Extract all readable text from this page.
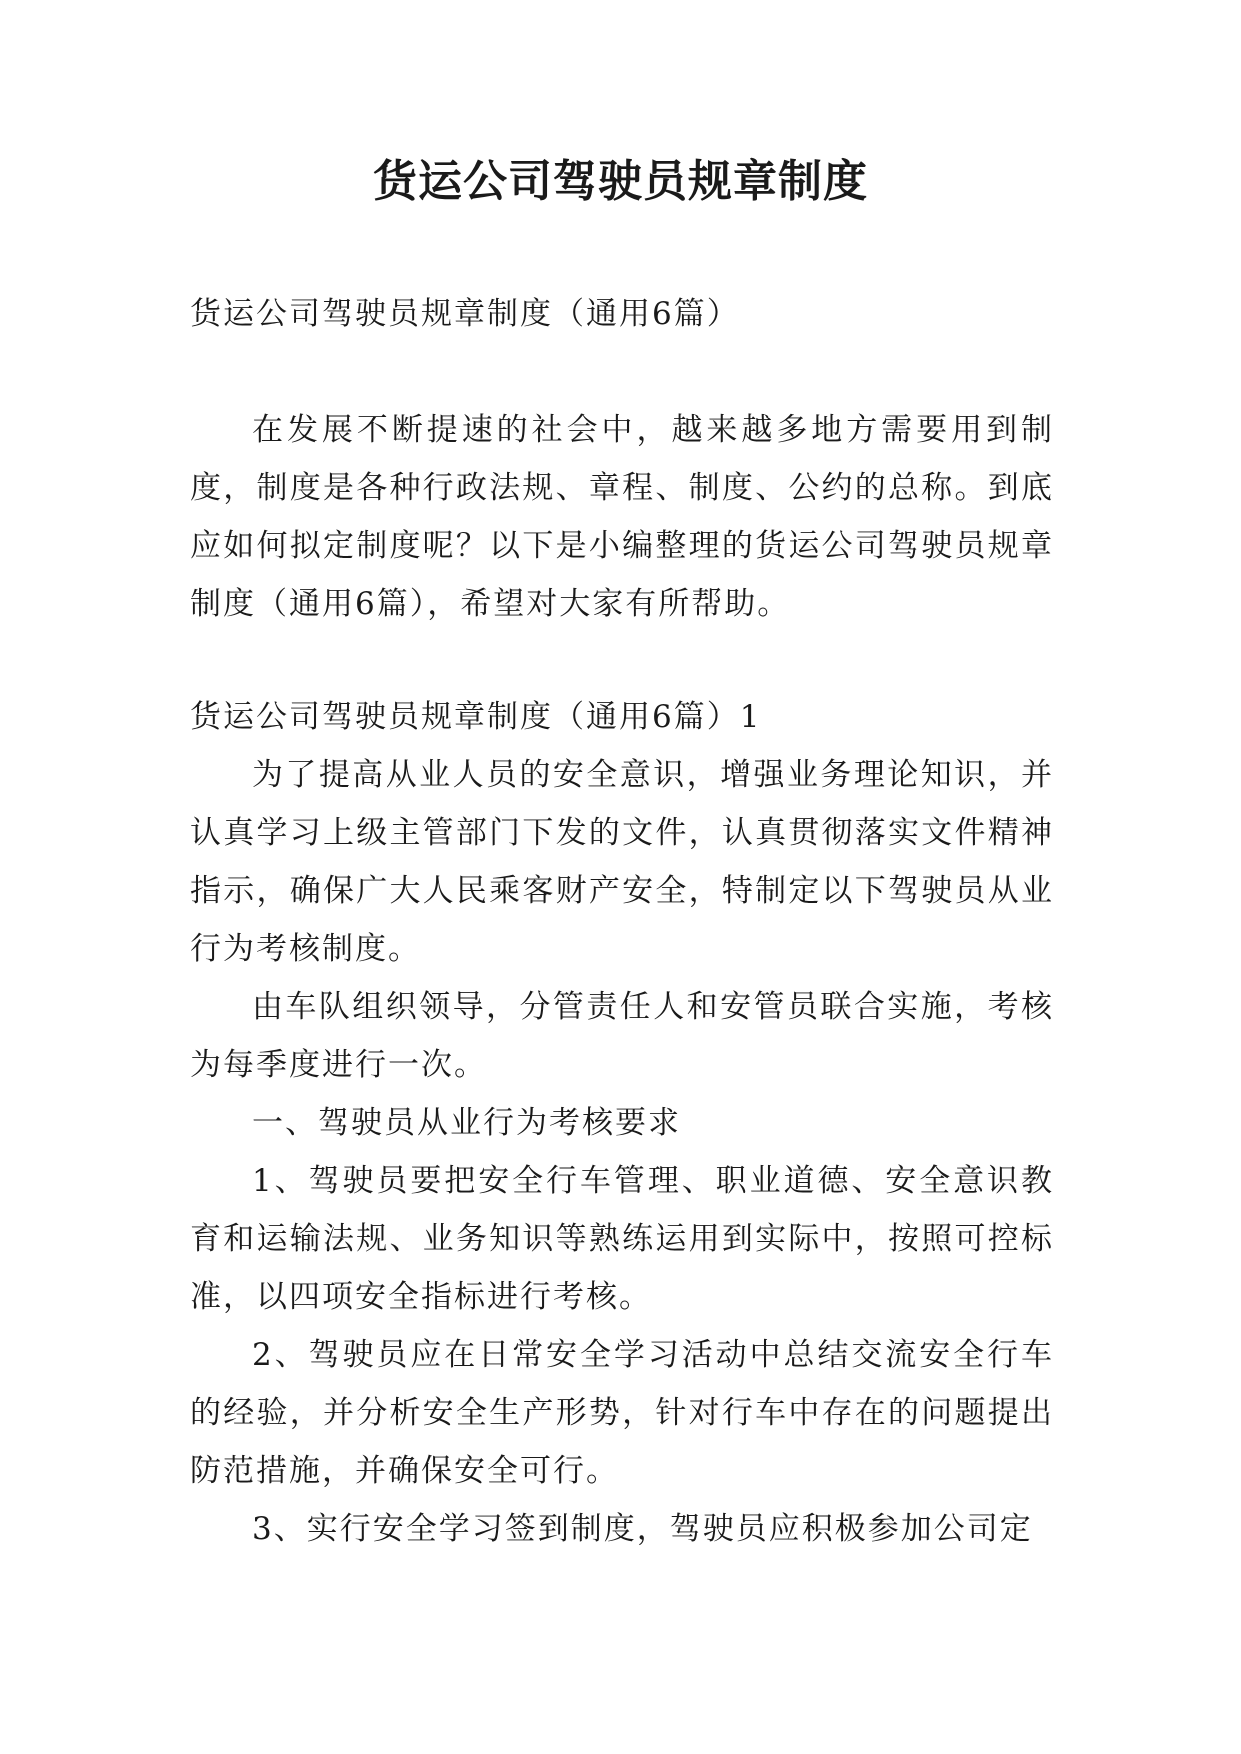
货运公司驾驶员规章制度

货运公司驾驶员规章制度（通用6篇）

在发展不断提速的社会中，越来越多地方需要用到制度，制度是各种行政法规、章程、制度、公约的总称。到底应如何拟定制度呢？以下是小编整理的货运公司驾驶员规章制度（通用6篇），希望对大家有所帮助。

货运公司驾驶员规章制度（通用6篇）1

为了提高从业人员的安全意识，增强业务理论知识，并认真学习上级主管部门下发的文件，认真贯彻落实文件精神指示，确保广大人民乘客财产安全，特制定以下驾驶员从业行为考核制度。

由车队组织领导，分管责任人和安管员联合实施，考核为每季度进行一次。

一、驾驶员从业行为考核要求

1、驾驶员要把安全行车管理、职业道德、安全意识教育和运输法规、业务知识等熟练运用到实际中，按照可控标准，以四项安全指标进行考核。

2、驾驶员应在日常安全学习活动中总结交流安全行车的经验，并分析安全生产形势，针对行车中存在的问题提出防范措施，并确保安全可行。

3、实行安全学习签到制度，驾驶员应积极参加公司定
